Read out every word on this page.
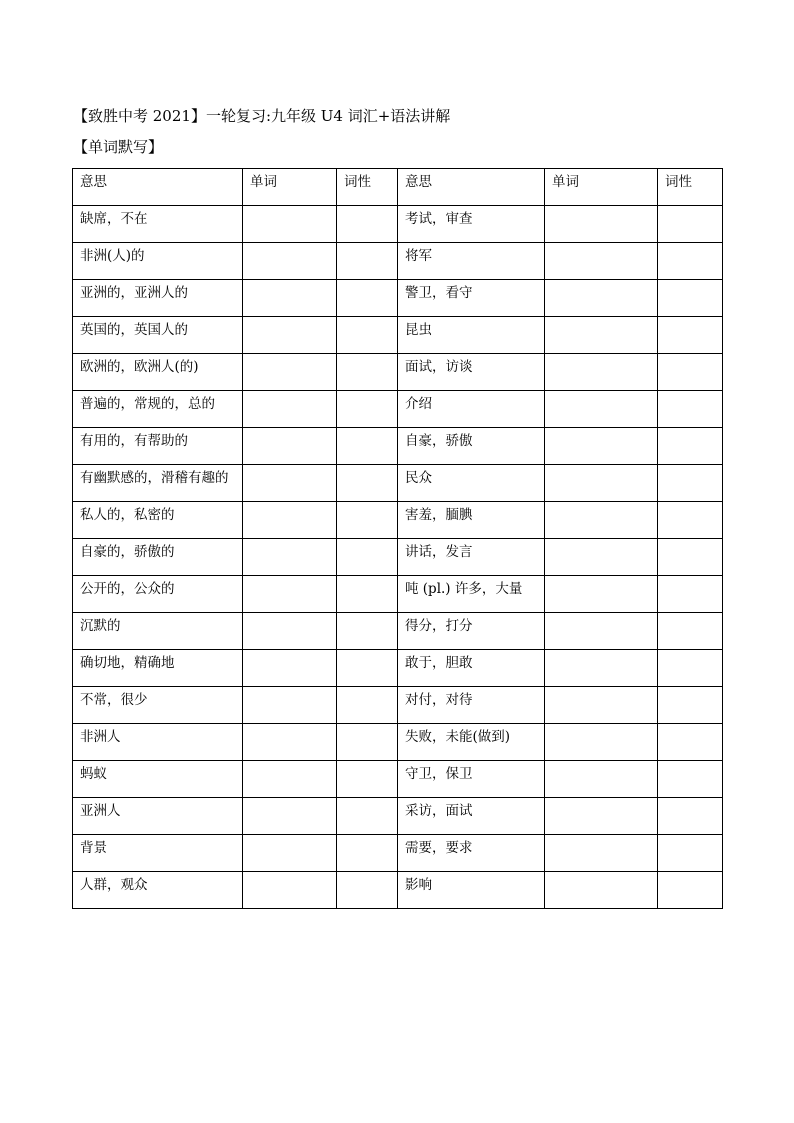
【致胜中考 2021】一轮复习:九年级 U4 词汇+语法讲解
【单词默写】
意思	单词	词性	意思	单词	词性
缺席，不在			考试，审查		
非洲(人)的			将军		
亚洲的，亚洲人的			警卫，看守		
英国的，英国人的			昆虫		
欧洲的，欧洲人(的)			面试，访谈		
普遍的，常规的，总的			介绍		
有用的，有帮助的			自豪，骄傲		
有幽默感的，滑稽有趣的			民众		
私人的，私密的			害羞，腼腆		
自豪的，骄傲的			讲话，发言		
公开的，公众的			吨 (pl.) 许多，大量		
沉默的			得分，打分		
确切地，精确地			敢于，胆敢		
不常，很少			对付，对待		
非洲人			失败，未能(做到)		
蚂蚁			守卫，保卫		
亚洲人			采访，面试		
背景			需要，要求		
人群，观众			影响		
